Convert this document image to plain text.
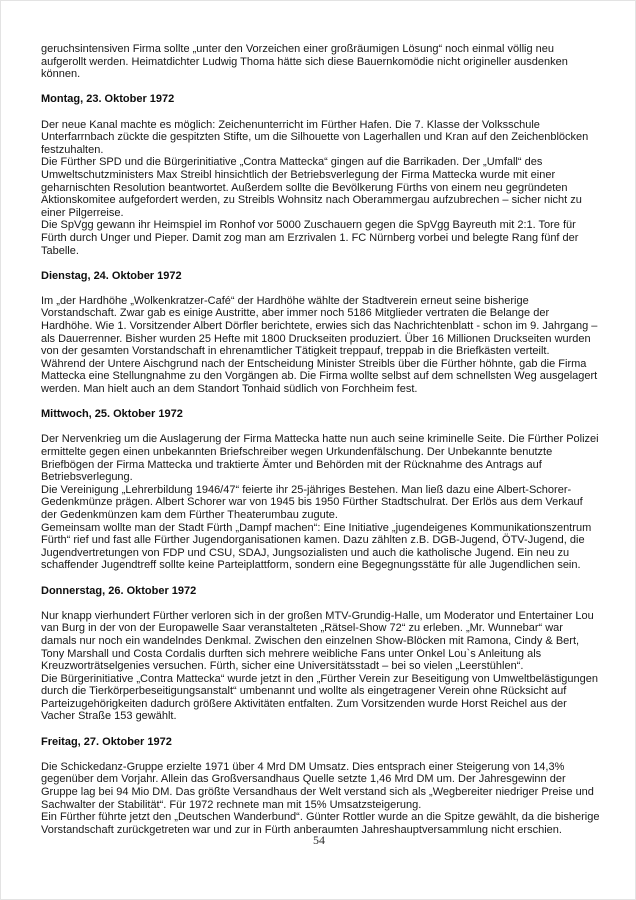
geruchsintensiven Firma sollte „unter den Vorzeichen einer großräumigen Lösung“ noch einmal völlig neu aufgerollt werden. Heimatdichter Ludwig Thoma hätte sich diese Bauernkomödie nicht origineller ausdenken können.

Montag, 23. Oktober 1972

Der neue Kanal machte es möglich: Zeichenunterricht im Fürther Hafen. Die 7. Klasse der Volksschule Unterfarrnbach zückte die gespitzten Stifte, um die Silhouette von Lagerhallen und Kran auf den Zeichenblöcken festzuhalten.

Die Fürther SPD und die Bürgerinitiative „Contra Mattecka“ gingen auf die Barrikaden. Der „Umfall“ des Umweltschutzministers Max Streibl hinsichtlich der Betriebsverlegung der Firma Mattecka wurde mit einer geharnischten Resolution beantwortet. Außerdem sollte die Bevölkerung Fürths von einem neu gegründeten Aktionskomitee aufgefordert werden, zu Streibls Wohnsitz nach Oberammergau aufzubrechen – sicher nicht zu einer Pilgerreise.

Die SpVgg gewann ihr Heimspiel im Ronhof vor 5000 Zuschauern gegen die SpVgg Bayreuth mit 2:1. Tore für Fürth durch Unger und Pieper. Damit zog man am Erzrivalen 1. FC Nürnberg vorbei und belegte Rang fünf der Tabelle.

Dienstag, 24. Oktober 1972

Im „der Hardhöhe „Wolkenkratzer-Café“ der Hardhöhe wählte der Stadtverein erneut seine bisherige Vorstandschaft. Zwar gab es einige Austritte, aber immer noch 5186 Mitglieder vertraten die Belange der Hardhöhe. Wie 1. Vorsitzender Albert Dörfler berichtete, erwies sich das Nachrichtenblatt - schon im 9. Jahrgang – als Dauerrenner. Bisher wurden 25 Hefte mit 1800 Druckseiten produziert. Über 16 Millionen Druckseiten wurden von der gesamten Vorstandschaft in ehrenamtlicher Tätigkeit treppauf, treppab in die Briefkästen verteilt.

Während der Untere Aischgrund nach der Entscheidung Minister Streibls über die Fürther höhnte, gab die Firma Mattecka eine Stellungnahme zu den Vorgängen ab. Die Firma wollte selbst auf dem schnellsten Weg ausgelagert werden. Man hielt auch an dem Standort Tonhaid südlich von Forchheim fest.

Mittwoch, 25. Oktober 1972

Der Nervenkrieg um die Auslagerung der Firma Mattecka hatte nun auch seine kriminelle Seite. Die Fürther Polizei ermittelte gegen einen unbekannten Briefschreiber wegen Urkundenfälschung. Der Unbekannte benutzte Briefbögen der Firma Mattecka und traktierte Ämter und Behörden mit der Rücknahme des Antrags auf Betriebsverlegung.

Die Vereinigung „Lehrerbildung 1946/47“ feierte ihr 25-jähriges Bestehen. Man ließ dazu eine Albert-Schorer-Gedenkmünze prägen. Albert Schorer war von 1945 bis 1950 Fürther Stadtschulrat. Der Erlös aus dem Verkauf der Gedenkmünzen kam dem Fürther Theaterumbau zugute.

Gemeinsam wollte man der Stadt Fürth „Dampf machen“: Eine Initiative „jugendeigenes Kommunikationszentrum Fürth“ rief und fast alle Fürther Jugendorganisationen kamen. Dazu zählten z.B. DGB-Jugend, ÖTV-Jugend, die Jugendvertretungen von FDP und CSU, SDAJ, Jungsozialisten und auch die katholische Jugend. Ein neu zu schaffender Jugendtreff sollte keine Parteiplattform, sondern eine Begegnungsstätte für alle Jugendlichen sein.

Donnerstag, 26. Oktober 1972

Nur knapp vierhundert Fürther verloren sich in der großen MTV-Grundig-Halle, um Moderator und Entertainer Lou van Burg in der von der Europawelle Saar veranstalteten „Rätsel-Show 72“ zu erleben. „Mr. Wunnebar“ war damals nur noch ein wandelndes Denkmal. Zwischen den einzelnen Show-Blöcken mit Ramona, Cindy & Bert, Tony Marshall und Costa Cordalis durften sich mehrere weibliche Fans unter Onkel Lou`s Anleitung als Kreuzworträtselgenies versuchen. Fürth, sicher eine Universitätsstadt – bei so vielen „Leerstühlen“.

Die Bürgerinitiative „Contra Mattecka“ wurde jetzt in den „Fürther Verein zur Beseitigung von Umweltbelästigungen durch die Tierkörperbeseitigungsanstalt“ umbenannt und wollte als eingetragener Verein ohne Rücksicht auf Parteizugehörigkeiten dadurch größere Aktivitäten entfalten. Zum Vorsitzenden wurde Horst Reichel aus der Vacher Straße 153 gewählt.

Freitag, 27. Oktober 1972

Die Schickedanz-Gruppe erzielte 1971 über 4 Mrd DM Umsatz. Dies entsprach einer Steigerung von 14,3% gegenüber dem Vorjahr. Allein das Großversandhaus Quelle setzte 1,46 Mrd DM um. Der Jahresgewinn der Gruppe lag bei 94 Mio DM. Das größte Versandhaus der Welt verstand sich als „Wegbereiter niedriger Preise und Sachwalter der Stabilität“. Für 1972 rechnete man mit 15% Umsatzsteigerung.

Ein Fürther führte jetzt den „Deutschen Wanderbund“. Günter Rottler wurde an die Spitze gewählt, da die bisherige Vorstandschaft zurückgetreten war und zur in Fürth anberaumten Jahreshauptversammlung nicht erschien.

54
